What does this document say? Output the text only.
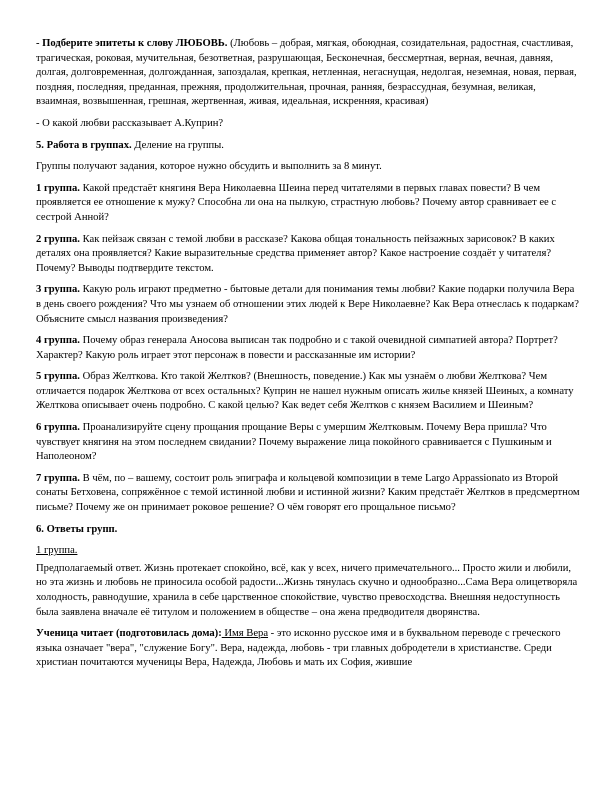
- Подберите эпитеты к слову ЛЮБОВЬ. (Любовь – добрая, мягкая, обоюдная, созидательная, радостная, счастливая, трагическая, роковая, мучительная, безответная, разрушающая, Бесконечная, бессмертная, верная, вечная, давняя, долгая, долговременная, долгожданная, запоздалая, крепкая, нетленная, негаснущая, недолгая, неземная, новая, первая, поздняя, последняя, преданная, прежняя, продолжительная, прочная, ранняя, безрассудная, безумная, великая, взаимная, возвышенная, грешная, жертвенная, живая, идеальная, искренняя, красивая)

- О какой любви рассказывает А.Куприн?

5. Работа в группах. Деление на группы.

Группы получают задания, которое нужно обсудить и выполнить за 8 минут.

1 группа. Какой предстаёт княгиня Вера Николаевна Шеина перед читателями в первых главах повести? В чем проявляется ее отношение к мужу? Способна ли она на пылкую, страстную любовь? Почему автор сравнивает ее с сестрой Анной?

2 группа. Как пейзаж связан с темой любви в рассказе? Какова общая тональность пейзажных зарисовок? В каких деталях она проявляется? Какие выразительные средства применяет автор? Какое настроение создаёт у читателя? Почему? Выводы подтвердите текстом.

3 группа. Какую роль играют предметно - бытовые детали для понимания темы любви? Какие подарки получила Вера в день своего рождения? Что мы узнаем об отношении этих людей к Вере Николаевне? Как Вера отнеслась к подаркам? Объясните смысл названия произведения?

4 группа. Почему образ генерала Аносова выписан так подробно и с такой очевидной симпатией автора? Портрет? Характер? Какую роль играет этот персонаж в повести и рассказанные им истории?

5 группа. Образ Желткова. Кто такой Желтков? (Внешность, поведение.) Как мы узнаём о любви Желткова? Чем отличается подарок Желткова от всех остальных? Куприн не нашел нужным описать жилье князей Шеиных, а комнату Желткова описывает очень подробно. С какой целью? Как ведет себя Желтков с князем Василием и Шеиным?

6 группа. Проанализируйте сцену прощания прощание Веры с умершим Желтковым. Почему Вера пришла? Что чувствует княгиня на этом последнем свидании? Почему выражение лица покойного сравнивается с Пушкиным и Наполеоном?

7 группа. В чём, по – вашему, состоит роль эпиграфа и кольцевой композиции в теме Largo Appassionato из Второй сонаты Бетховена, сопряжённое с темой истинной любви и истинной жизни? Каким предстаёт Желтков в предсмертном письме? Почему же он принимает роковое решение? О чём говорят его прощальное письмо?

6. Ответы групп.

1 группа.

Предполагаемый ответ. Жизнь протекает спокойно, всё, как у всех, ничего примечательного... Просто жили и любили, но эта жизнь и любовь не приносила особой радости...Жизнь тянулась скучно и однообразно...Сама Вера олицетворяла холодность, равнодушие, хранила в себе царственное спокойствие, чувство превосходства. Внешняя недоступность была заявлена вначале её титулом и положением в обществе – она жена предводителя дворянства.

Ученица читает (подготовилась дома): Имя Вера - это исконно русское имя и в буквальном переводе с греческого языка означает "вера", "служение Богу". Вера, надежда, любовь - три главных добродетели в христианстве. Среди христиан почитаются мученицы Вера, Надежда, Любовь и мать их София, жившие
